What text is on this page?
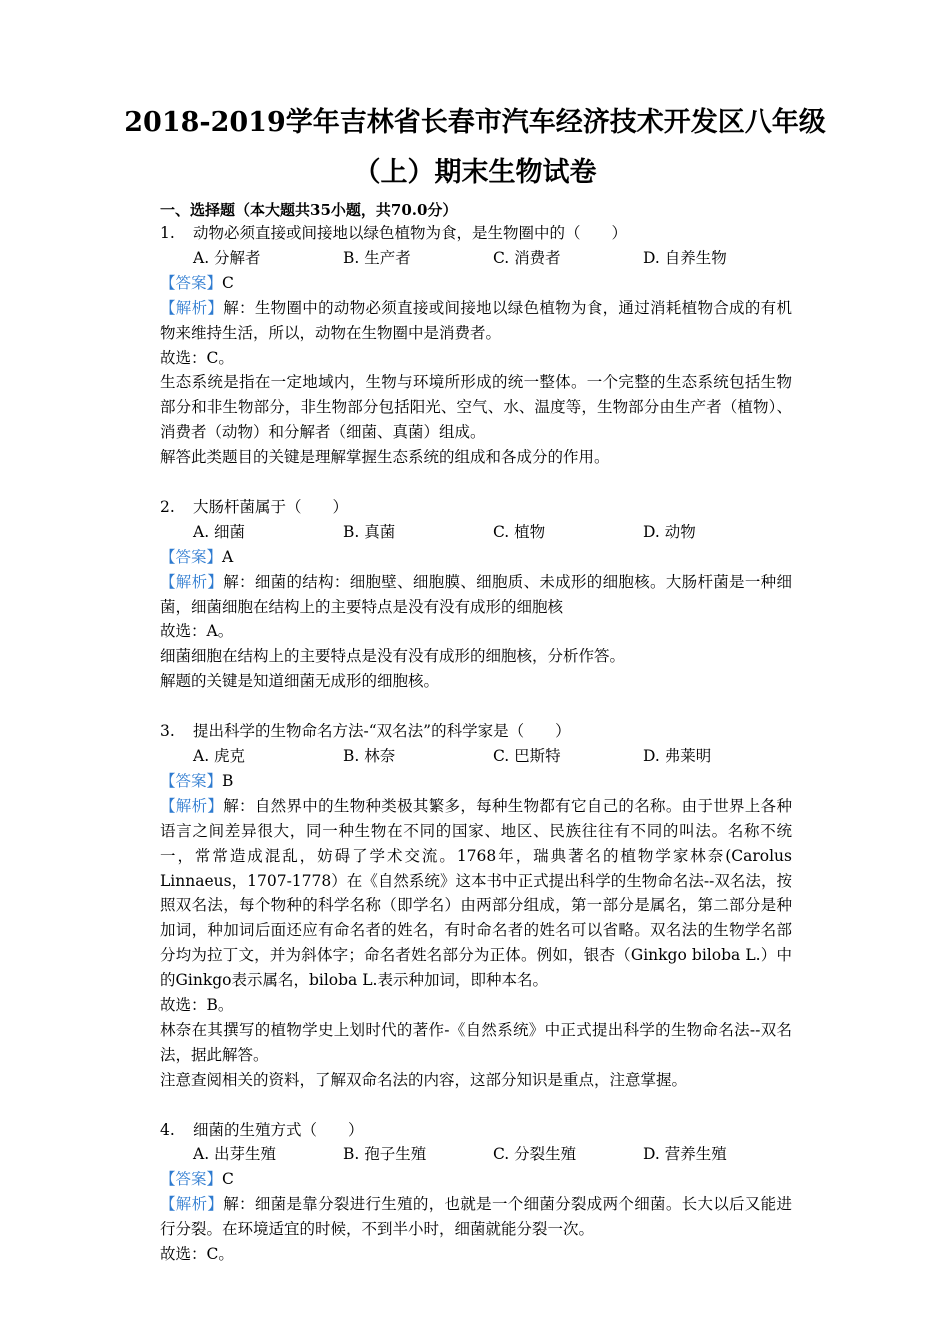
2018-2019学年吉林省长春市汽车经济技术开发区八年级
（上）期末生物试卷
一、选择题（本大题共35小题，共70.0分）
1.	动物必须直接或间接地以绿色植物为食，是生物圈中的（　　）
A. 分解者	B. 生产者	C. 消费者	D. 自养生物

【答案】C

【解析】解：生物圈中的动物必须直接或间接地以绿色植物为食，通过消耗植物合成的有机物来维持生活，所以，动物在生物圈中是消费者。

故选：C。

生态系统是指在一定地域内，生物与环境所形成的统一整体。一个完整的生态系统包括生物部分和非生物部分，非生物部分包括阳光、空气、水、温度等，生物部分由生产者（植物）、消费者（动物）和分解者（细菌、真菌）组成。

解答此类题目的关键是理解掌握生态系统的组成和各成分的作用。

2.	大肠杆菌属于（　　）
A. 细菌	B. 真菌	C. 植物	D. 动物

【答案】A

【解析】解：细菌的结构：细胞壁、细胞膜、细胞质、未成形的细胞核。大肠杆菌是一种细菌，细菌细胞在结构上的主要特点是没有没有成形的细胞核

故选：A。

细菌细胞在结构上的主要特点是没有没有成形的细胞核，分析作答。

解题的关键是知道细菌无成形的细胞核。

3.	提出科学的生物命名方法-“双名法”的科学家是（　　）
A. 虎克	B. 林奈	C. 巴斯特	D. 弗莱明

【答案】B

【解析】解：自然界中的生物种类极其繁多，每种生物都有它自己的名称。由于世界上各种语言之间差异很大，同一种生物在不同的国家、地区、民族往往有不同的叫法。名称不统一，常常造成混乱，妨碍了学术交流。1768年，瑞典著名的植物学家林奈(Carolus Linnaeus，1707-1778）在《自然系统》这本书中正式提出科学的生物命名法--双名法，按照双名法，每个物种的科学名称（即学名）由两部分组成，第一部分是属名，第二部分是种加词，种加词后面还应有命名者的姓名，有时命名者的姓名可以省略。双名法的生物学名部分均为拉丁文，并为斜体字；命名者姓名部分为正体。例如，银杏（Ginkgo biloba L.）中的Ginkgo表示属名，biloba L.表示种加词，即种本名。

故选：B。

林奈在其撰写的植物学史上划时代的著作-《自然系统》中正式提出科学的生物命名法--双名法，据此解答。

注意查阅相关的资料，了解双命名法的内容，这部分知识是重点，注意掌握。

4.	细菌的生殖方式（　　）
A. 出芽生殖	B. 孢子生殖	C. 分裂生殖	D. 营养生殖

【答案】C

【解析】解：细菌是靠分裂进行生殖的，也就是一个细菌分裂成两个细菌。长大以后又能进行分裂。在环境适宜的时候，不到半小时，细菌就能分裂一次。

故选：C。
